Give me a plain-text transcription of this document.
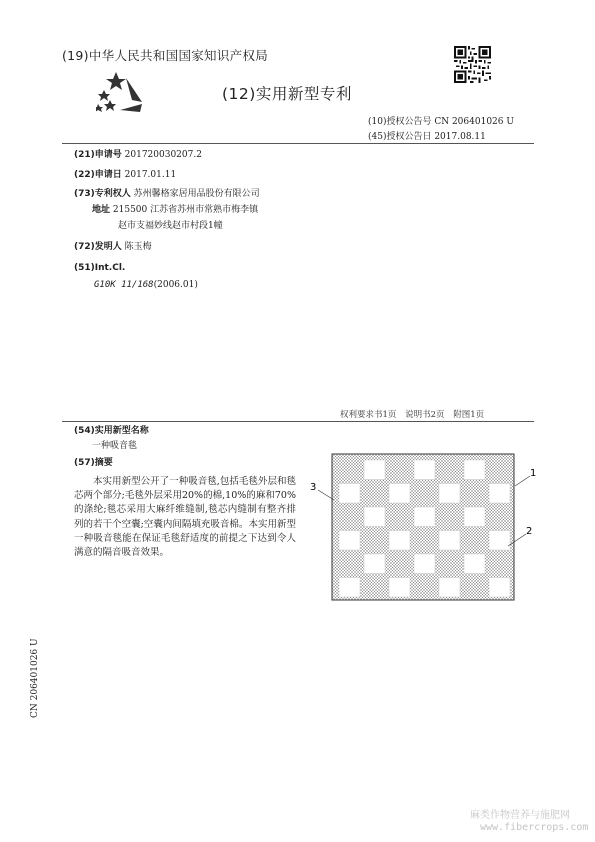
(19)中华人民共和国国家知识产权局
(12)实用新型专利
(10)授权公告号 CN 206401026 U
(45)授权公告日 2017.08.11
(21)申请号 201720030207.2
(22)申请日 2017.01.11
(73)专利权人 苏州馨格家居用品股份有限公司
地址 215500 江苏省苏州市常熟市梅李镇
赵市支福妙线赵市村段1幢
(72)发明人 陈玉梅
(51)Int.Cl.
G10K 11/168(2006.01)
权利要求书1页 说明书2页 附图1页
(54)实用新型名称
一种吸音毯
(57)摘要
本实用新型公开了一种吸音毯,包括毛毯外层和毯芯两个部分;毛毯外层采用20%的棉,10%的麻和70%的涤纶;毯芯采用大麻纤维缝制,毯芯内缝制有整齐排列的若干个空囊;空囊内间隔填充吸音棉。本实用新型一种吸音毯能在保证毛毯舒适度的前提之下达到令人满意的隔音吸音效果。
1
2
3
CN 206401026 U
麻类作物营养与施肥网
www.fibercrops.com
